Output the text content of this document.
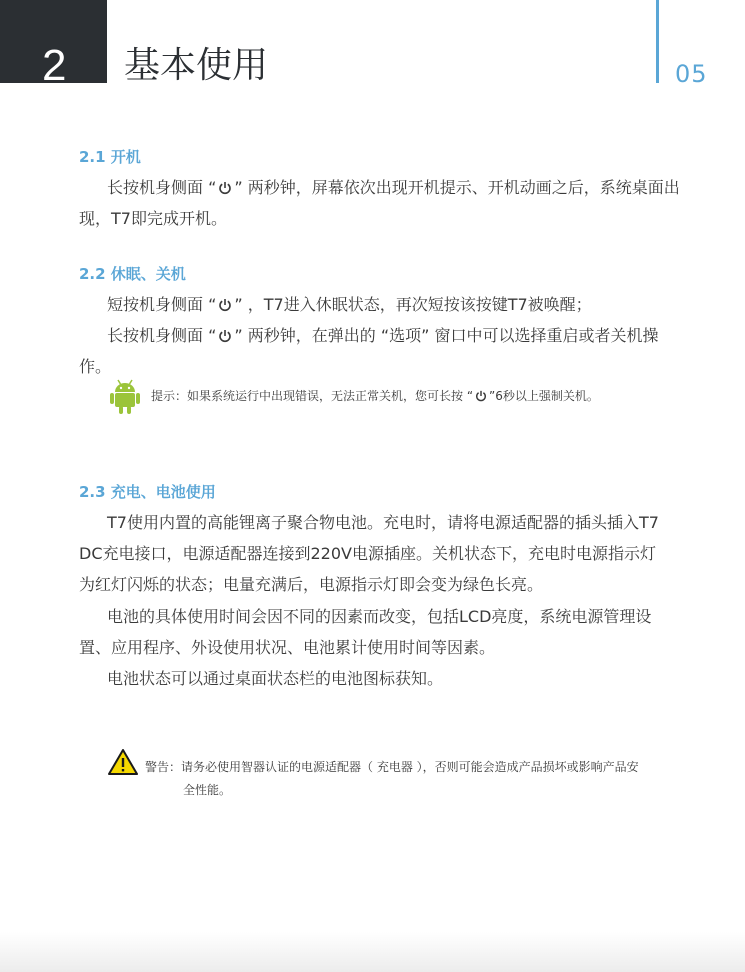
2 基本使用	05
2.1 开机

长按机身侧面 “ ” 两秒钟，屏幕依次出现开机提示、开机动画之后，系统桌面出现，T7即完成开机。

2.2 休眠、关机

短按机身侧面 “ ” ，T7进入休眠状态，再次短按该按键T7被唤醒；

长按机身侧面 “ ” 两秒钟，在弹出的 “选项” 窗口中可以选择重启或者关机操作。

提示：如果系统运行中出现错误，无法正常关机，您可长按 “ ”6秒以上强制关机。
2.3 充电、电池使用

T7使用内置的高能锂离子聚合物电池。充电时，请将电源适配器的插头插入T7 DC充电接口，电源适配器连接到220V电源插座。关机状态下，充电时电源指示灯为红灯闪烁的状态；电量充满后，电源指示灯即会变为绿色长亮。

电池的具体使用时间会因不同的因素而改变，包括LCD亮度，系统电源管理设置、应用程序、外设使用状况、电池累计使用时间等因素。

电池状态可以通过桌面状态栏的电池图标获知。

警告：请务必使用智器认证的电源适配器（ 充电器 ），否则可能会造成产品损坏或影响产品安
全性能。
